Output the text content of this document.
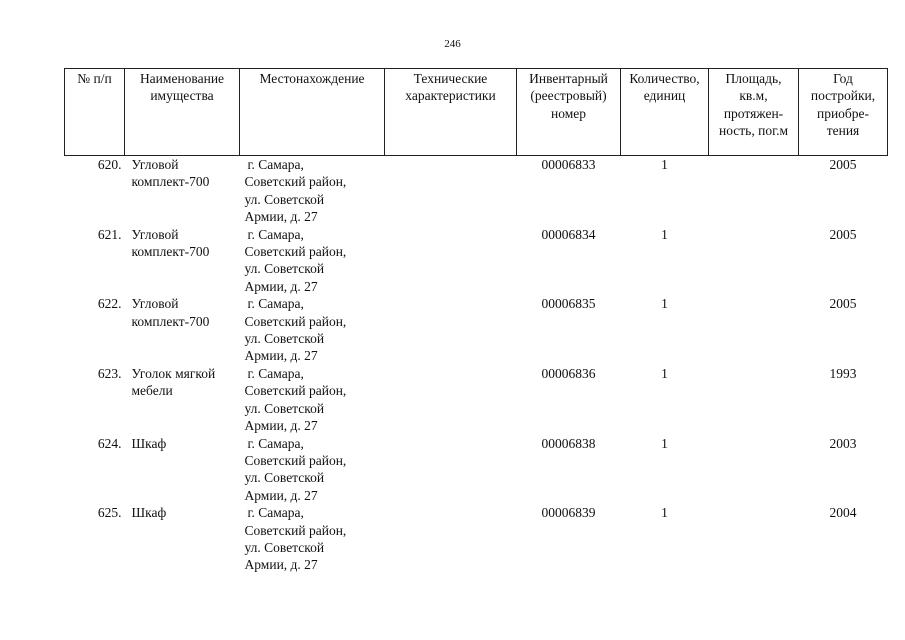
246
№ п/п	Наименование имущества	Местонахождение	Технические характеристики	Инвентарный (реестровый) номер	Количество, единиц	Площадь, кв.м, протяжен-ность, пог.м	Год постройки, приобре-тения
620.	Угловой комплект-700	г. Самара,
Советский район,
ул. Советской
Армии, д. 27		00006833	1		2005
621.	Угловой комплект-700	г. Самара,
Советский район,
ул. Советской
Армии, д. 27		00006834	1		2005
622.	Угловой комплект-700	г. Самара,
Советский район,
ул. Советской
Армии, д. 27		00006835	1		2005
623.	Уголок мягкой мебели	г. Самара,
Советский район,
ул. Советской
Армии, д. 27		00006836	1		1993
624.	Шкаф	г. Самара,
Советский район,
ул. Советской
Армии, д. 27		00006838	1		2003
625.	Шкаф	г. Самара,
Советский район,
ул. Советской
Армии, д. 27		00006839	1		2004
